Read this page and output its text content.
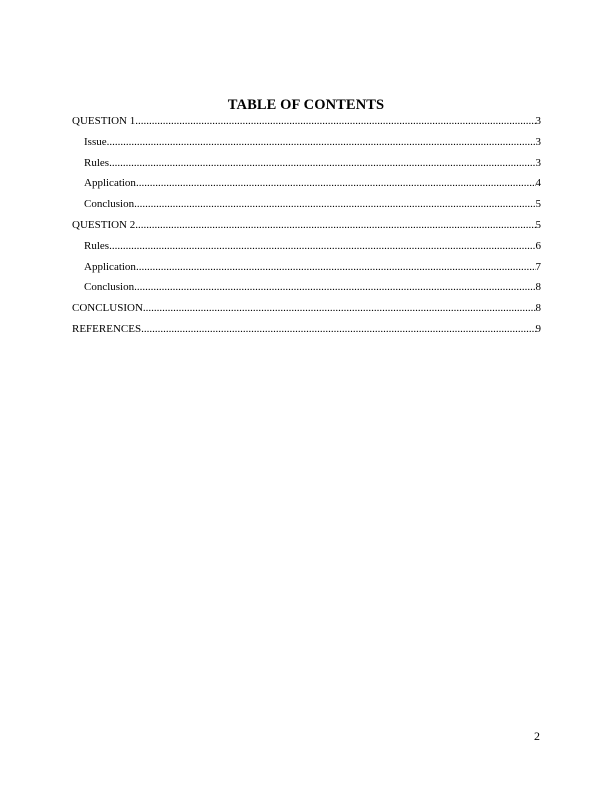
TABLE OF CONTENTS
QUESTION 1 .....	3
Issue .....	3
Rules .....	3
Application .....	4
Conclusion .....	5
QUESTION 2 .....	5
Rules .....	6
Application .....	7
Conclusion .....	8
CONCLUSION .....	8
REFERENCES .....	9
2
